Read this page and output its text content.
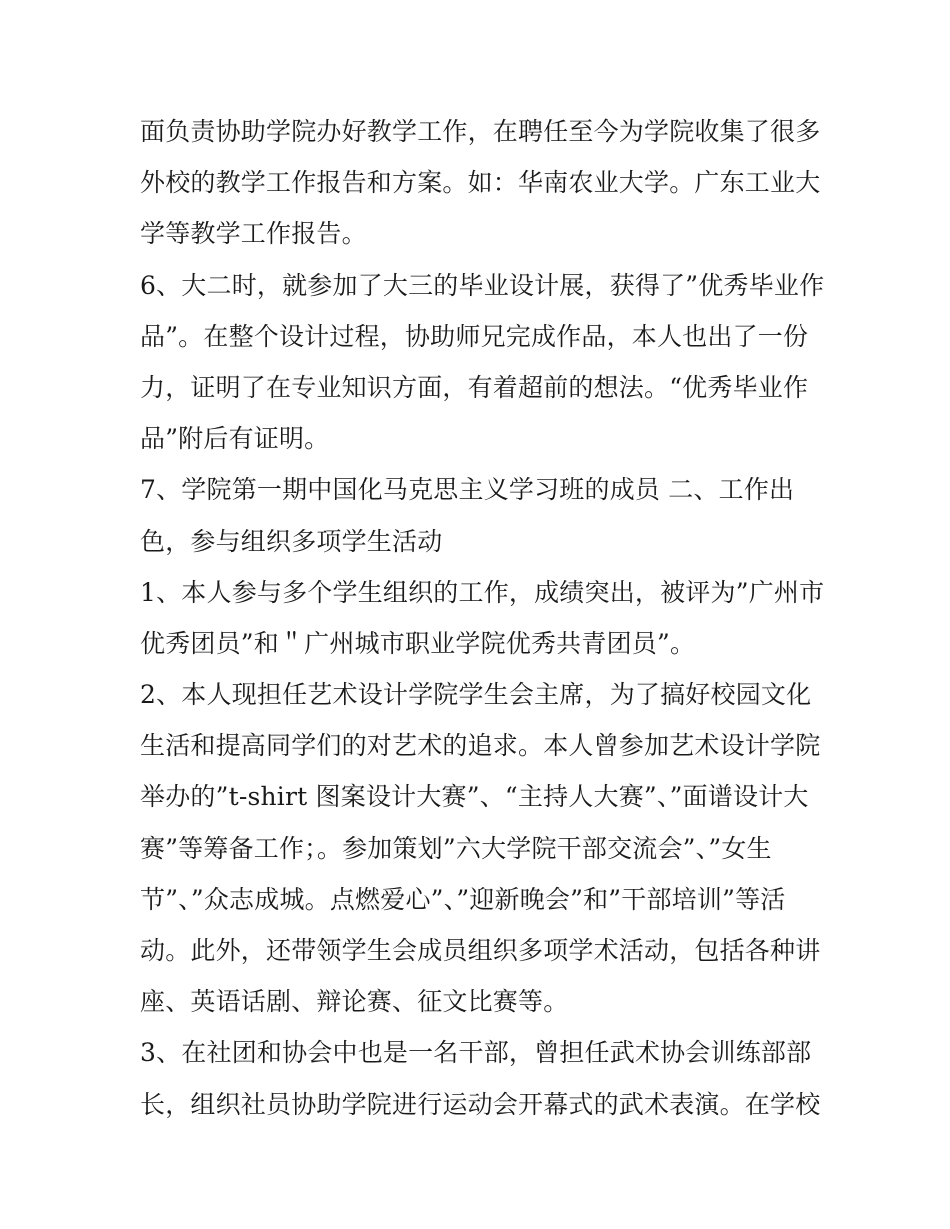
面负责协助学院办好教学工作，在聘任至今为学院收集了很多
外校的教学工作报告和方案。如：华南农业大学。广东工业大
学等教学工作报告。
6、大二时，就参加了大三的毕业设计展，获得了”优秀毕业作
品”。在整个设计过程，协助师兄完成作品，本人也出了一份
力，证明了在专业知识方面，有着超前的想法。“优秀毕业作
品”附后有证明。
7、学院第一期中国化马克思主义学习班的成员 二、工作出
色，参与组织多项学生活动
1、本人参与多个学生组织的工作，成绩突出，被评为”广州市
优秀团员”和＂广州城市职业学院优秀共青团员”。
2、本人现担任艺术设计学院学生会主席，为了搞好校园文化
生活和提高同学们的对艺术的追求。本人曾参加艺术设计学院
举办的”t-shirt 图案设计大赛”、“主持人大赛”、”面谱设计大
赛”等筹备工作；。参加策划”六大学院干部交流会”、”女生
节”、”众志成城。点燃爱心”、”迎新晚会”和”干部培训”等活
动。此外，还带领学生会成员组织多项学术活动，包括各种讲
座、英语话剧、辩论赛、征文比赛等。
3、在社团和协会中也是一名干部，曾担任武术协会训练部部
长，组织社员协助学院进行运动会开幕式的武术表演。在学校
